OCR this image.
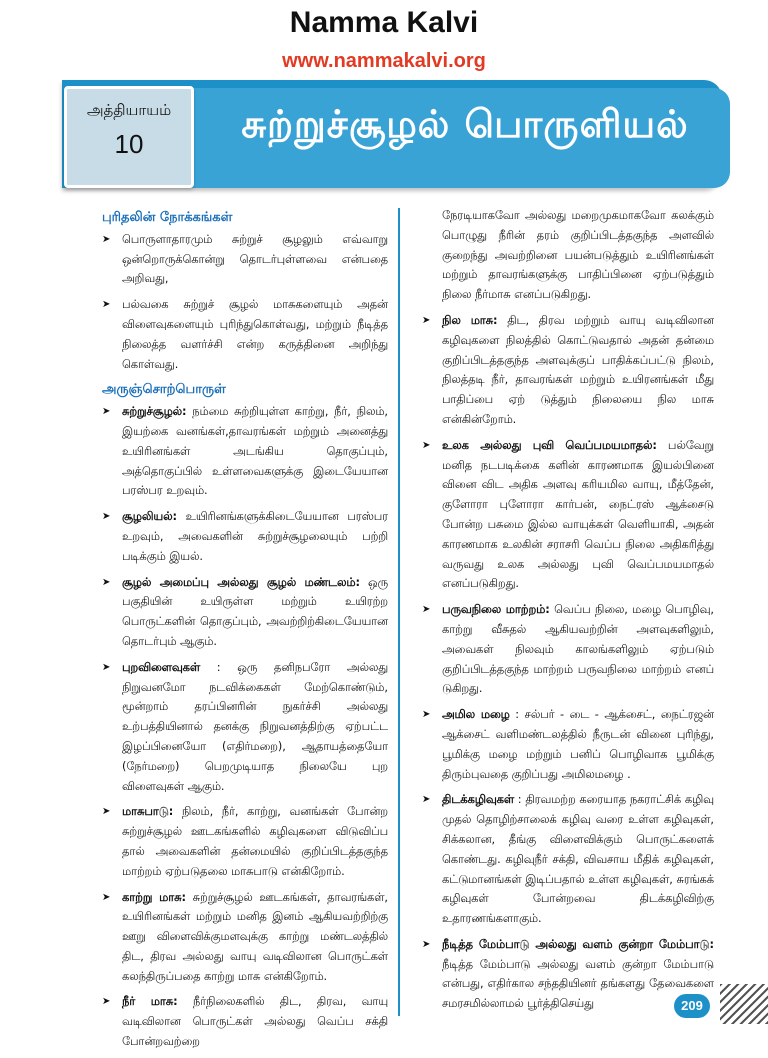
Namma Kalvi
www.nammakalvi.org
அத்தியாயம்
10	சுற்றுச்சூழல் பொருளியல்
புரிதலின் நோக்கங்கள்
➤ பொருளாதாரமும் சுற்றுச் சூழலும் எவ்வாறு ஒன்றொருக்கொன்று தொடர்புள்ளவை என்பதை அறிவது,
➤ பல்வகை சுற்றுச் சூழல் மாசுகளையும் அதன் விளைவுகளையும் புரிந்துகொள்வது, மற்றும் நீடித்த நிலைத்த வளர்ச்சி என்ற கருத்தினை அறிந்து கொள்வது.
அருஞ்சொற்பொருள்
➤ சுற்றுச்சூழல்: நம்மை சுற்றியுள்ள காற்று, நீர், நிலம், இயற்கை வனங்கள்,தாவரங்கள் மற்றும் அனைத்து உயிரினங்கள் அடங்கிய தொகுப்பும், அத்தொகுப்பில் உள்ளவைகளுக்கு இடையேயான பரஸ்பர உறவும்.
➤ சூழலியல்: உயிரினங்களுக்கிடையேயான பரஸ்பர உறவும், அவைகளின் சுற்றுச்சூழலையும் பற்றி படிக்கும் இயல்.
➤ சூழல் அமைப்பு அல்லது சூழல் மண்டலம்: ஒரு பகுதியின் உயிருள்ள மற்றும் உயிரற்ற பொருட்களின் தொகுப்பும், அவற்றிற்கிடையேயான தொடர்பும் ஆகும்.
➤ புறவிளைவுகள் : ஒரு தனிநபரோ அல்லது நிறுவனமோ நடவிக்கைகள் மேற்கொண்டும், மூன்றாம் தரப்பினரின் நுகர்ச்சி அல்லது உற்பத்தியினால் தனக்கு நிறுவனத்திற்கு ஏற்பட்ட இழப்பினையோ (எதிர்மறை), ஆதாயத்தையோ (நேர்மறை) பெறமுடியாத நிலையே புற விளைவுகள் ஆகும்.
➤ மாசுபாடு: நிலம், நீர், காற்று, வனங்கள் போன்ற சுற்றுச்சூழல் ஊடகங்களில் கழிவுகளை விடுவிப்ப தால் அவைகளின் தன்மையில் குறிப்பிடத்தகுந்த மாற்றம் ஏற்படுதலை மாசுபாடு என்கிறோம்.
➤ காற்று மாசு: சுற்றுச்சூழல் ஊடகங்கள், தாவரங்கள், உயிரினங்கள் மற்றும் மனித இனம் ஆகியவற்றிற்கு ஊறு விளைவிக்குமளவுக்கு காற்று மண்டலத்தில் திட, திரவ அல்லது வாயு வடிவிலான பொருட்கள் கலந்திருப்பதை காற்று மாசு என்கிறோம்.
➤ நீர் மாசு: நீர்நிலைகளில் திட, திரவ, வாயு வடிவிலான பொருட்கள் அல்லது வெப்ப சக்தி போன்றவற்றை
நேரடியாகவோ அல்லது மறைமுகமாகவோ கலக்கும் பொழுது நீரின் தரம் குறிப்பிடத்தகுந்த அளவில் குறைந்து அவற்றினை பயன்படுத்தும் உயிரினங்கள் மற்றும் தாவரங்களுக்கு பாதிப்பினை ஏற்படுத்தும் நிலை நீர்மாசு எனப்படுகிறது.
➤ நில மாசு: திட, திரவ மற்றும் வாயு வடிவிலான கழிவுகளை நிலத்தில் கொட்டுவதால் அதன் தன்மை குறிப்பிடத்தகுந்த அளவுக்குப் பாதிக்கப்பட்டு நிலம், நிலத்தடி நீர், தாவரங்கள் மற்றும் உயிரனங்கள் மீது பாதிப்பை ஏற் டுத்தும் நிலையை நில மாசு என்கின்றோம்.
➤ உலக அல்லது புவி வெப்பமயமாதல்: பல்வேறு மனித நடபடிக்கை களின் காரணமாக இயல்பினை வினை விட அதிக அளவு கரியமில வாயு, மீத்தேன், குளோரா புளோரா கார்பன், நைட்ரஸ் ஆக்சைடு போன்ற பசுமை இல்ல வாயுக்கள் வெளியாகி, அதன் காரணமாக உலகின் சராசரி வெப்ப நிலை அதிகரித்து வருவது உலக அல்லது புவி வெப்பமயமாதல் எனப்படுகிறது.
➤ பருவநிலை மாற்றம்: வெப்ப நிலை, மழை பொழிவு, காற்று வீசுதல் ஆகியவற்றின் அளவுகளிலும், அவைகள் நிலவும் காலங்களிலும் ஏற்படும் குறிப்பிடத்தகுந்த மாற்றம் பருவநிலை மாற்றம் எனப் டுகிறது.
➤ அமில மழை : சல்பர் - டை - ஆக்சைட், நைட்ரஜன் ஆக்சைட் வளிமண்டலத்தில் நீருடன் வினை புரிந்து, பூமிக்கு மழை மற்றும் பனிப் பொழிவாக பூமிக்கு திரும்புவதை குறிப்பது அமிலமழை .
➤ திடக்கழிவுகள் : திரவமற்ற கரையாத நகராட்சிக் கழிவு முதல் தொழிற்சாலைக் கழிவு வரை உள்ள கழிவுகள், சிக்கலான, தீங்கு விளைவிக்கும் பொருட்களைக் கொண்டது. கழிவுநீர் சக்தி, விவசாய மீதிக் கழிவுகள், கட்டுமானங்கள் இடிப்பதால் உள்ள கழிவுகள், சுரங்கக் கழிவுகள் போன்றவை திடக்கழிவிற்கு உதாரணங்களாகும்.
➤ நீடித்த மேம்பாடு அல்லது வளம் குன்றா மேம்பாடு: நீடித்த மேம்பாடு அல்லது வளம் குன்றா மேம்பாடு என்பது, எதிர்கால சந்ததியினர் தங்களது தேவைகளை சமரசமில்லாமல் பூர்த்திசெய்து	209
